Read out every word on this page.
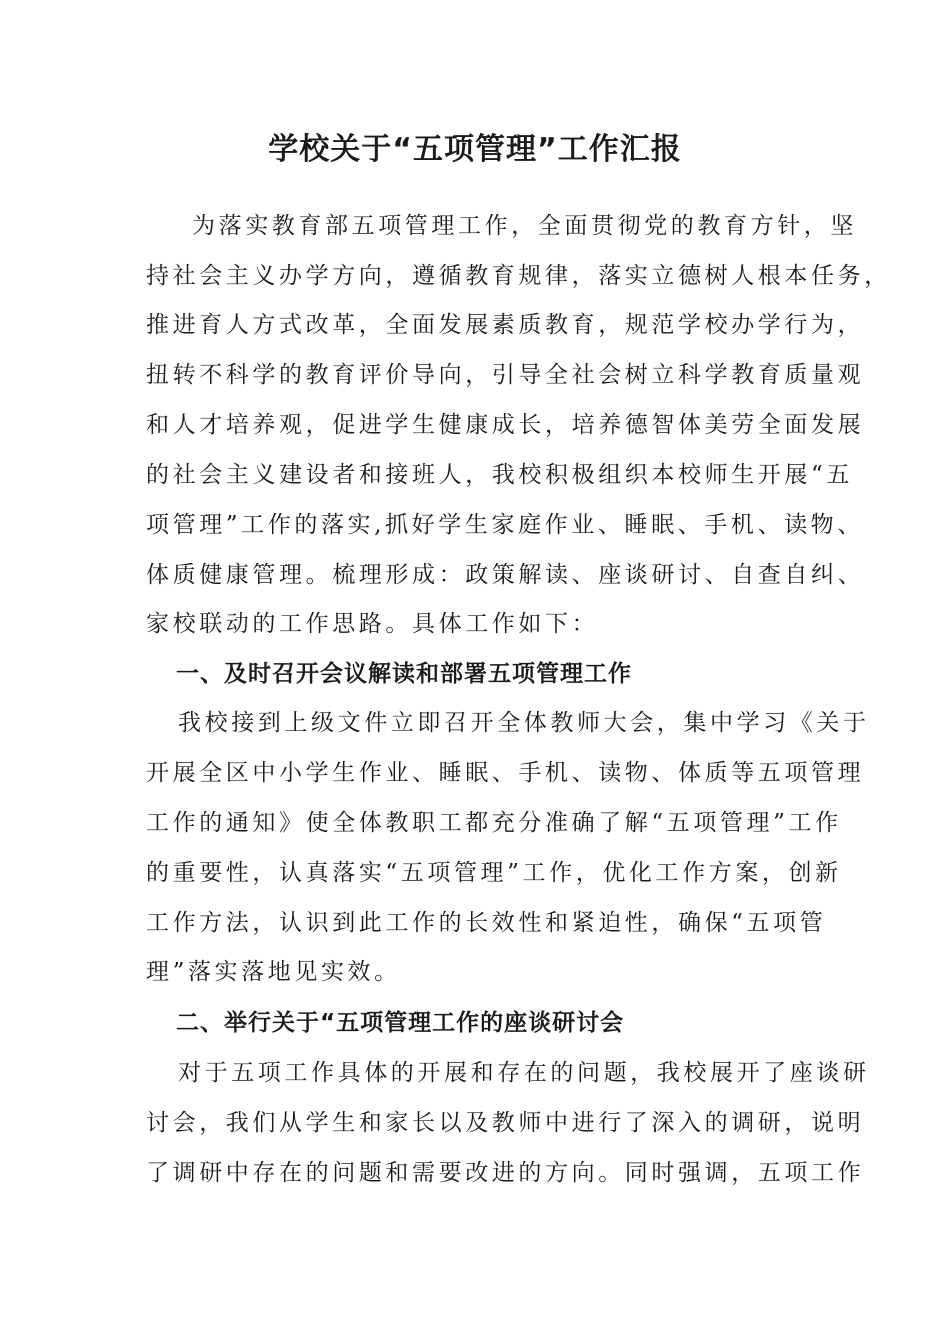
学校关于“五项管理”工作汇报
为落实教育部五项管理工作，全面贯彻党的教育方针，坚
持社会主义办学方向，遵循教育规律，落实立德树人根本任务，
推进育人方式改革，全面发展素质教育，规范学校办学行为，
扭转不科学的教育评价导向，引导全社会树立科学教育质量观
和人才培养观，促进学生健康成长，培养德智体美劳全面发展
的社会主义建设者和接班人，我校积极组织本校师生开展“五
项管理”工作的落实,抓好学生家庭作业、睡眠、手机、读物、
体质健康管理。梳理形成：政策解读、座谈研讨、自查自纠、
家校联动的工作思路。具体工作如下：
一、及时召开会议解读和部署五项管理工作
我校接到上级文件立即召开全体教师大会，集中学习《关于
开展全区中小学生作业、睡眠、手机、读物、体质等五项管理
工作的通知》使全体教职工都充分准确了解“五项管理”工作
的重要性，认真落实“五项管理”工作，优化工作方案，创新
工作方法，认识到此工作的长效性和紧迫性，确保“五项管
理”落实落地见实效。
二、举行关于“五项管理工作的座谈研讨会
对于五项工作具体的开展和存在的问题，我校展开了座谈研
讨会，我们从学生和家长以及教师中进行了深入的调研，说明
了调研中存在的问题和需要改进的方向。同时强调，五项工作
